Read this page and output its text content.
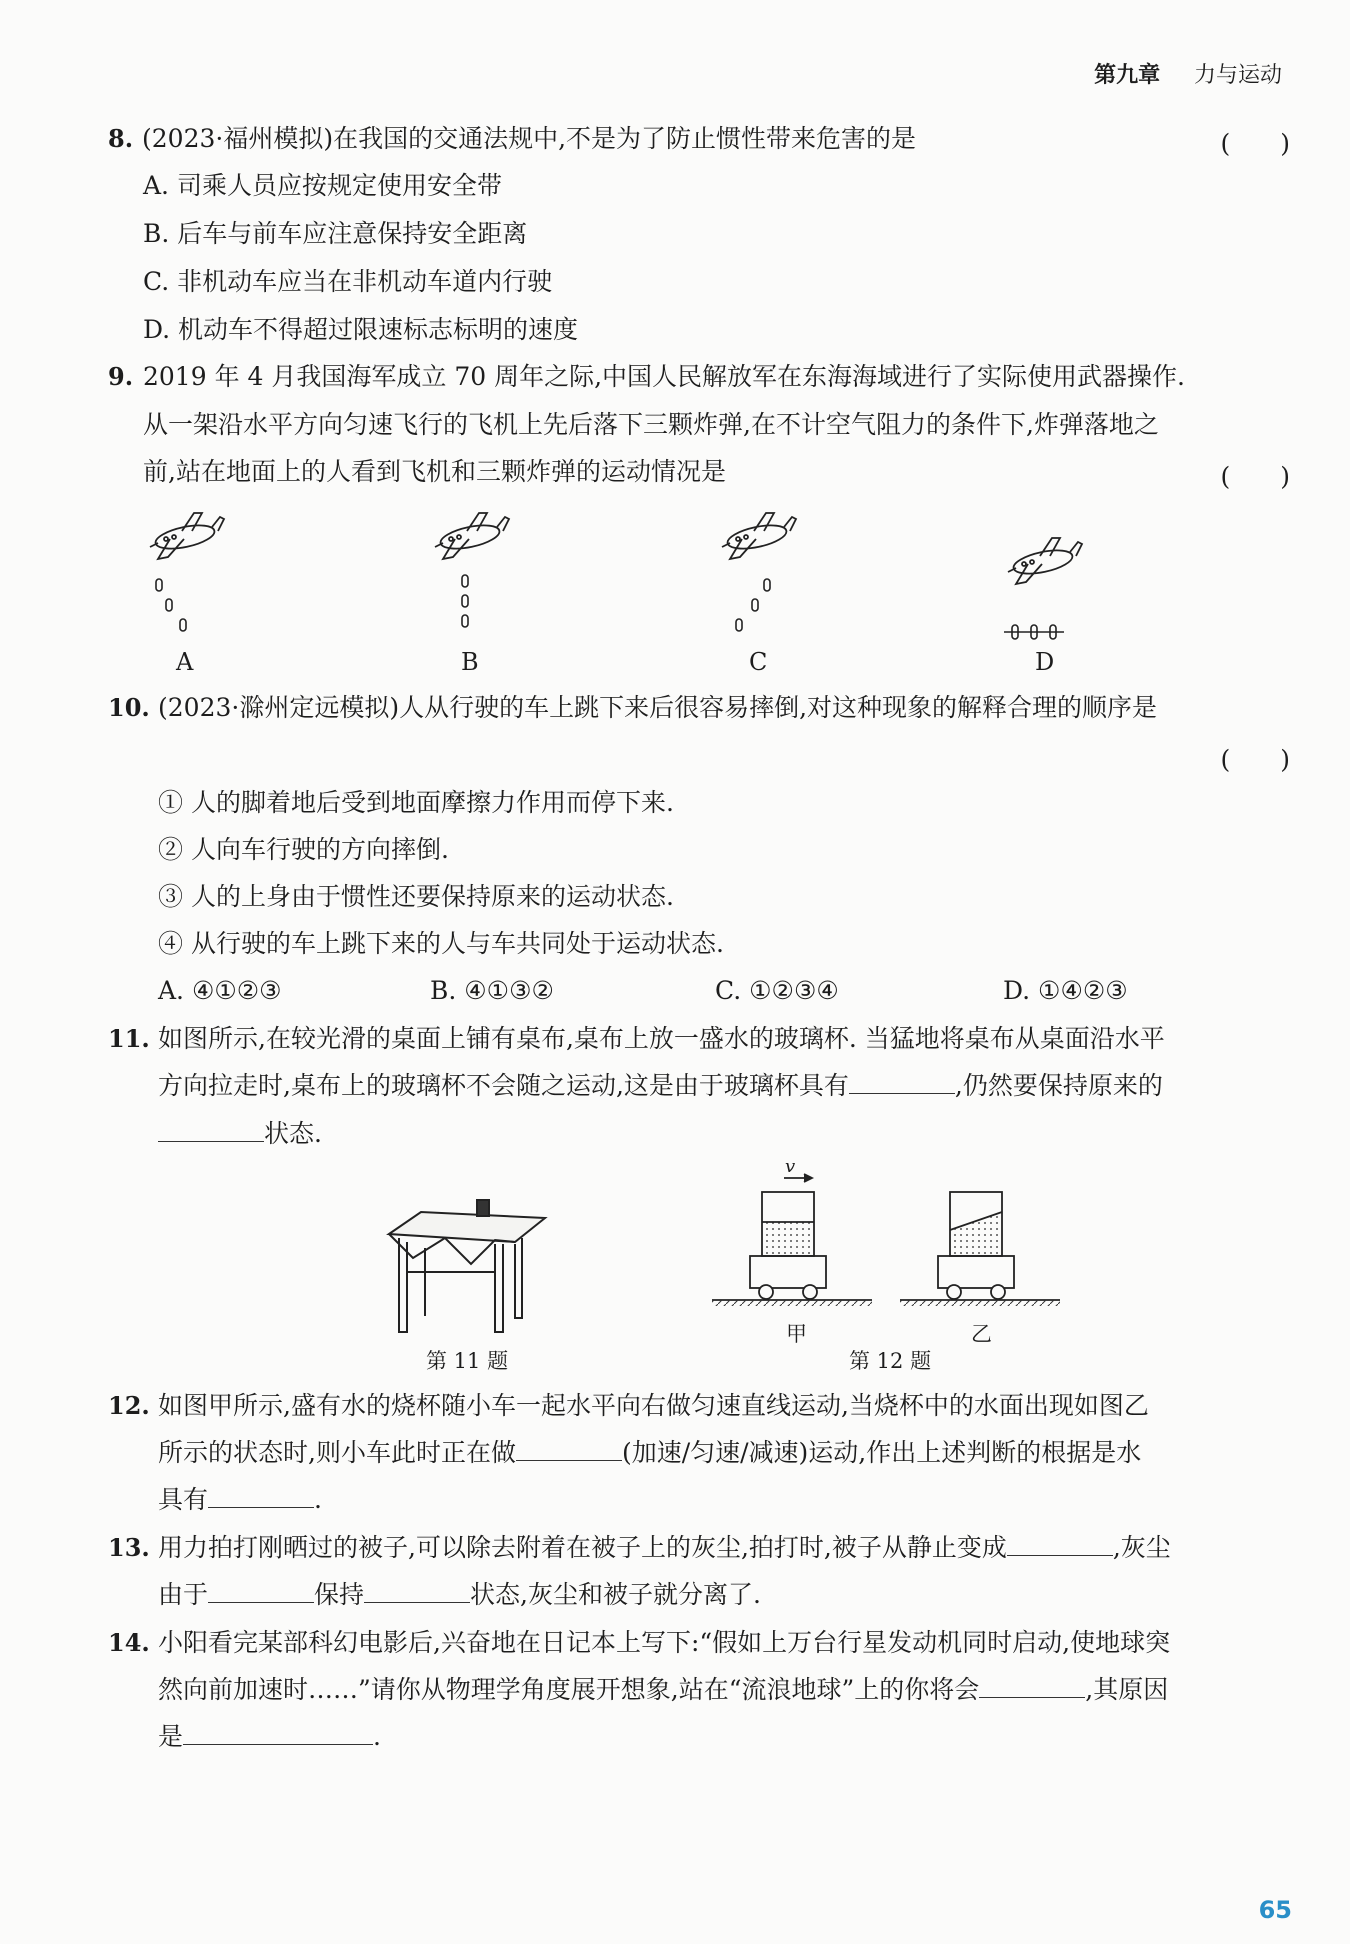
第九章 力与运动
8. (2023·福州模拟)在我国的交通法规中,不是为了防止惯性带来危害的是	(　　)
A. 司乘人员应按规定使用安全带
B. 后车与前车应注意保持安全距离
C. 非机动车应当在非机动车道内行驶
D. 机动车不得超过限速标志标明的速度
9. 2019 年 4 月我国海军成立 70 周年之际,中国人民解放军在东海海域进行了实际使用武器操作.
从一架沿水平方向匀速飞行的飞机上先后落下三颗炸弹,在不计空气阻力的条件下,炸弹落地之
前,站在地面上的人看到飞机和三颗炸弹的运动情况是	(　　)
A	B	C	D
10. (2023·滁州定远模拟)人从行驶的车上跳下来后很容易摔倒,对这种现象的解释合理的顺序是
(　　)
① 人的脚着地后受到地面摩擦力作用而停下来.
② 人向车行驶的方向摔倒.
③ 人的上身由于惯性还要保持原来的运动状态.
④ 从行驶的车上跳下来的人与车共同处于运动状态.
A. ④①②③	B. ④①③②	C. ①②③④	D. ①④②③
11. 如图所示,在较光滑的桌面上铺有桌布,桌布上放一盛水的玻璃杯. 当猛地将桌布从桌面沿水平
方向拉走时,桌布上的玻璃杯不会随之运动,这是由于玻璃杯具有	,仍然要保持原来的
状态.
第 11 题
v
甲	乙
第 12 题
12. 如图甲所示,盛有水的烧杯随小车一起水平向右做匀速直线运动,当烧杯中的水面出现如图乙
所示的状态时,则小车此时正在做	(加速/匀速/减速)运动,作出上述判断的根据是水
具有	.
13. 用力拍打刚晒过的被子,可以除去附着在被子上的灰尘,拍打时,被子从静止变成	,灰尘
由于	保持	状态,灰尘和被子就分离了.
14. 小阳看完某部科幻电影后,兴奋地在日记本上写下:“假如上万台行星发动机同时启动,使地球突
然向前加速时……”请你从物理学角度展开想象,站在“流浪地球”上的你将会	,其原因
是	.
65
